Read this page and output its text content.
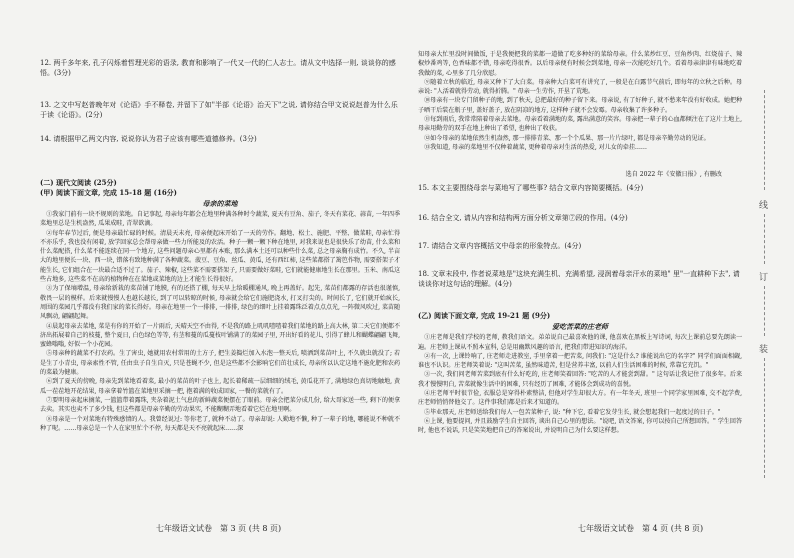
12. 两千多年来, 孔子闪烁着哲理光彩的语录, 教育和影响了一代又一代的仁人志士。请从文中选择一则, 谈谈你的感悟。(3分)
13. 之文中写赵普晚年对《论语》手不释卷, 并留下了如"半部《论语》治天下"之说, 请你结合甲文说说赵普为什么乐于读《论语》。(2分)
14. 请根据甲乙两文内容, 说说你认为君子应该有哪些道德修养。(3分)
(二) 现代文阅读 (25分)
(甲) 阅读下面文章, 完成 15-18 题 (16分)
母亲的菜地

①我家门前有一块不规则的菜地。自记事起, 母亲每年都会在地里种满各种时令蔬菜, 夏天有豆角、茄子, 冬天有菜花、蒜苗, 一年四季菜地里总是生机盎然, 瓜果成畦, 青翠欲滴。

②每年春节过后, 便是母亲最忙碌的时候。清晨天未亮, 母亲便起床开始了一天的劳作。翻地、松土、施肥、平整、做菜畦, 母亲忙得不亦乐乎, 我也没有闲着, 放学回家总会帮母亲做一些力所能及的农活。种子一颗一颗下种在地里, 对我来说也是很快乐了幼苗, 什么菜和什么菜配搭, 什么菜不能连续在同一个地方, 这些问题母亲心里都有本账, 那么满本土还可以种些什么菜, 总之母亲胸有成竹。不久, 半亩大的地里便长一块、西一块, 错落有致地种满了各种蔬菜。菠豆、豆角、丝瓜、黄瓜, 还有西红柿, 这些菜都搭了篱笆作物, 需要搭架子才能生长, 它们组合在一块最合适不过了。茄子、辣椒, 这些菜不需要搭架子, 只需要做好菜畦, 它们就能健康地生长在那里。玉米、南瓜这些占地多, 这些菜不在高的植物种在在菜地或菜地的边上才能生长得很好。

③为了保墒增温, 母亲给新栽的菜苗铺了地膜, 有的还搭了棚, 每天早上给暖棚通风, 晚上再盖好。起先, 菜苗们都露的存活也很谨慎, 敬畏一层的模样。后来就慢慢人也越长越长, 到了可以转晾的时候, 母亲就会给它们施肥浇水, 打叉打尖的。时间长了, 它们就开始疯长, 周围的菜园几乎都没有我们家的菜长得好。母亲在地里一个一排排, 一排排, 绿色的细叶上挂着露珠泛着点点点光, 一阵微风吹过, 菜苗随风飘动, 翩翩起舞。

④晨起母亲去菜地, 菜是有你的开始了一片雨后, 天晴天空不由得, 不是我的路上叽叽喳喳着我们菜地的路上高大林, 第二天它们便都不济出拓展着自己的枝蔓, 整个夏日, 白色绿色等等, 有茎和蔓的瓜蔓枝叶铺满了的菜园子里, 开出好看的花儿, 引得了蜂儿和蝴蝶翩翩飞舞, 蜜蜂嗡嗡, 好似一个小花园。

⑤母亲种的蔬菜不打农药。生了害虫, 她就用农村常用的土方子, 把生姜搗烂加入水泡一整天后, 喷洒到菜苗叶上, 不久就虫就没了; 若是生了小青虫, 母亲索性不管, 任由虫子自生自灭, 只是苍蝇不少, 但是这些都不会影响它们茁壮成长, 母亲所以认定这地不施化肥和农药的菜最为健康。

⑥到了夏天的傍晚, 母亲先到菜地看着菜, 最小的菜苗的叶子也上, 起长着稀疏一层细细的绒毛, 黄瓜花开了, 满地绿色真切地触地, 黄瓜一茬茬地开花结果, 母亲拿着竹篮在菜地里采摘一把, 抱着满的收成回家, 一餐的菜就有了。

⑦要明母亲起床摘菜, 一篮篮带着露珠, 夹杂着泥土气息的新鲜蔬菜便摆在了眼前。母亲会把菜分成几份, 给大哥家送一些, 剩下的便拿去卖。其实也卖不了多少钱, 但这些都是母亲辛勤的劳动果实, 不能糊糊弄地看着它烂在地里啊。

⑧母亲是一个对菜地有特殊感情的人。我曾经说过: 等你老了, 就种不动了。母亲却说: 人勤地不懒, 种了一辈子的地, 哪能说不种就不种了呢。……母亲总是一个人在家里忙个不停, 每天都是天不亮就起床……深

知母亲大忙里没时间做饭, 于是我便把我的菜都一道做了吃多种好的菜给母亲。什么菜炒红豆、豆角炒肉、红烧茄子、辣椒炒番鸡等, 色香味都不错, 母亲吃得很香。以后母亲便有时候会到菜地, 母亲一次能吃好几个。看着母亲津津有味地吃着我做的菜, 心里多了几分欣慰。

⑨随着立秋的临近, 母亲又种下了大白菜。母亲种大白菜可有讲究了, 一般是在白露节气前后, 即每年的立秋之后种。母亲说: "人活着就得劳动, 就得折腾。" 母亲一生劳作, 开垦了荒地。

⑩母亲有一块专门留种子的地, 到了秋天, 总把最好的种子留下来。母亲说, 有了好种子, 就不愁来年没有好收成。她把种子晒干后装在瓶子里, 盖好盖子, 放在阴凉的地方, 这样种子就不会发霉。母亲收集了许多种子。

⑪每到雨后, 我常常陪着母亲去菜地。母亲看着满地的菜, 露出满意的笑容。母亲把一辈子的心血都倾注在了这片土地上, 母亲用勤劳的双手在地上种出了希望, 也种出了收获。

⑫如今母亲的菜地依然生机盎然, 那一排排青菜、那一个个瓜果、那一片片绿叶, 都是母亲辛勤劳动的见证。

⑬我知道, 母亲的菜地里不仅种着蔬菜, 更种着母亲对生活的热爱, 对儿女的牵挂……

选自 2022 年《安徽日报》, 有删改
15. 本文主要围绕母亲与菜地写了哪些事? 结合文章内容简要概括。(4分)
16. 结合全文, 请从内容和结构两方面分析文章第⑦段的作用。(4分)
17. 请结合文章内容概括文中母亲的形象特点。(4分)
18. 文章末段中, 作者说菜地是"这块充满生机、充满希望, 浸润着母亲汗水的菜地" 里"一直耕种下去", 请谈谈你对这句话的理解。(4分)
(乙) 阅读下面文章, 完成 19-21 题 (9分)
爱吃苦菜的庄老师

①庄老师是我们学校的老师, 教我们语文。弟弟说自己最喜欢他的课, 他喜欢在黑板上写诗词, 每次上课前总要先朗读一遍。庄老师上课从不照本宣科, 总是用幽默风趣的语言, 把我们带进知识的海洋。

②有一次, 上课铃响了, 庄老师走进教室, 手里拿着一把苦菜, 问我们: "这是什么? 谁能说出它的名字?" 同学们面面相觑, 谁也不认识。庄老师笑着说: "这叫苦菜, 虽然味道苦, 但是营养丰富, 以前人们生活困难的时候, 常靠它充饥。"

③一次, 我们问老师苦菜到底有什么好吃的, 庄老师笑着回答: "吃苦的人才能尝到甜。" 这句话让我记住了很多年。后来我才慢慢明白, 苦菜就像生活中的困难, 只有经历了困难, 才能体会到成功的喜悦。

④庄老师平时很节俭, 衣服总是穿得朴素整洁, 但他对学生却很大方。有一年冬天, 班里一个同学家里困难, 交不起学费, 庄老师悄悄替他交了。这件事我们都是后来才知道的。

⑤毕业那天, 庄老师送给我们每人一包苦菜种子, 说: "种下它, 看着它发芽生长, 就会想起我们一起度过的日子。"

⑥上课, 他要提问, 并且鼓励学生自主回答, 谈出自己心里的想法。"说吧, 语文答案, 你可以按自己所想回答。" 学生回答时, 他也不说话, 只是笑笑地把自己的答案说出, 并说明自己为什么要这样想。

七年级语文试卷　第 3 页 (共 8 页)	七年级语文试卷　第 4 页 (共 8 页)
线
订
装
